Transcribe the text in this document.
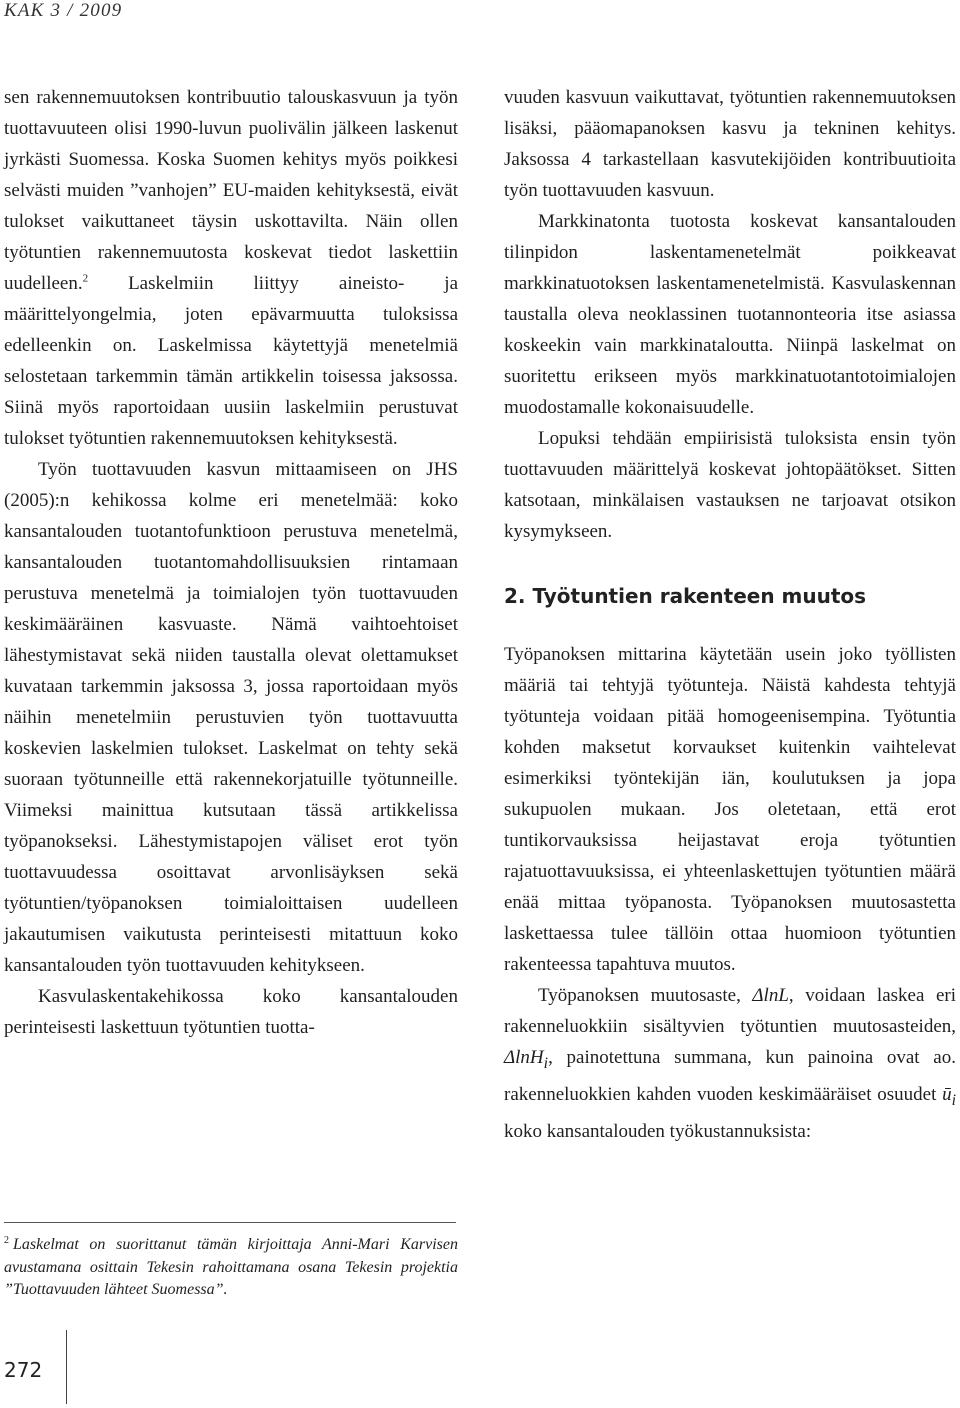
KAK 3 / 2009

sen rakennemuutoksen kontribuutio talouskasvuun ja työn tuottavuuteen olisi 1990-luvun puolivälin jälkeen laskenut jyrkästi Suomessa. Koska Suomen kehitys myös poikkesi selvästi muiden ”vanhojen” EU-maiden kehityksestä, eivät tulokset vaikuttaneet täysin uskottavilta. Näin ollen työtuntien rakennemuutosta koskevat tiedot laskettiin uudelleen.$^2$ Laskelmiin liittyy aineisto- ja määrittelyongelmia, joten epävarmuutta tuloksissa edelleenkin on. Laskelmissa käytettyjä menetelmiä selostetaan tarkemmin tämän artikkelin toisessa jaksossa. Siinä myös raportoidaan uusiin laskelmiin perustuvat tulokset työtuntien rakennemuutoksen kehityksestä.

Työn tuottavuuden kasvun mittaamiseen on JHS (2005):n kehikossa kolme eri menetelmää: koko kansantalouden tuotantofunktioon perustuva menetelmä, kansantalouden tuotantomahdollisuuksien rintamaan perustuva menetelmä ja toimialojen työn tuottavuuden keskimääräinen kasvuaste. Nämä vaihtoehtoiset lähestymistavat sekä niiden taustalla olevat olettamukset kuvataan tarkemmin jaksossa 3, jossa raportoidaan myös näihin menetelmiin perustuvien työn tuottavuutta koskevien laskelmien tulokset. Laskelmat on tehty sekä suoraan työtunneille että rakennekorjatuille työtunneille. Viimeksi mainittua kutsutaan tässä artikkelissa työpanokseksi. Lähestymistapojen väliset erot työn tuottavuudessa osoittavat arvonlisäyksen sekä työtuntien/työpanoksen toimialoittaisen uudelleen jakautumisen vaikutusta perinteisesti mitattuun koko kansantalouden työn tuottavuuden kehitykseen.

Kasvulaskentakehikossa koko kansantalouden perinteisesti laskettuun työtuntien tuotta-

$^2$ Laskelmat on suorittanut tämän kirjoittaja Anni-Mari Karvisen avustamana osittain Tekesin rahoittamana osana Tekesin projektia ”Tuottavuuden lähteet Suomessa”.

vuuden kasvuun vaikuttavat, työtuntien rakennemuutoksen lisäksi, pääomapanoksen kasvu ja tekninen kehitys. Jaksossa 4 tarkastellaan kasvutekijöiden kontribuutioita työn tuottavuuden kasvuun.

Markkinatonta tuotosta koskevat kansantalouden tilinpidon laskentamenetelmät poikkeavat markkinatuotoksen laskentamenetelmistä. Kasvulaskennan taustalla oleva neoklassinen tuotannonteoria itse asiassa koskeekin vain markkinataloutta. Niinpä laskelmat on suoritettu erikseen myös markkinatuotantotoimialojen muodostamalle kokonaisuudelle.

Lopuksi tehdään empiirisistä tuloksista ensin työn tuottavuuden määrittelyä koskevat johtopäätökset. Sitten katsotaan, minkälaisen vastauksen ne tarjoavat otsikon kysymykseen.

2. Työtuntien rakenteen muutos

Työpanoksen mittarina käytetään usein joko työllisten määriä tai tehtyjä työtunteja. Näistä kahdesta tehtyjä työtunteja voidaan pitää homogeenisempina. Työtuntia kohden maksetut korvaukset kuitenkin vaihtelevat esimerkiksi työntekijän iän, koulutuksen ja jopa sukupuolen mukaan. Jos oletetaan, että erot tuntikorvauksissa heijastavat eroja työtuntien rajatuottavuuksissa, ei yhteenlaskettujen työtuntien määrä enää mittaa työpanosta. Työpanoksen muutosastetta laskettaessa tulee tällöin ottaa huomioon työtuntien rakenteessa tapahtuva muutos.

Työpanoksen muutosaste, ΔlnL, voidaan laskea eri rakenneluokkiin sisältyvien työtuntien muutosasteiden, ΔlnH$_i$, painotettuna summana, kun painoina ovat ao. rakenneluokkien kahden vuoden keskimääräiset osuudet $ū_i$ koko kansantalouden työkustannuksista:

272
